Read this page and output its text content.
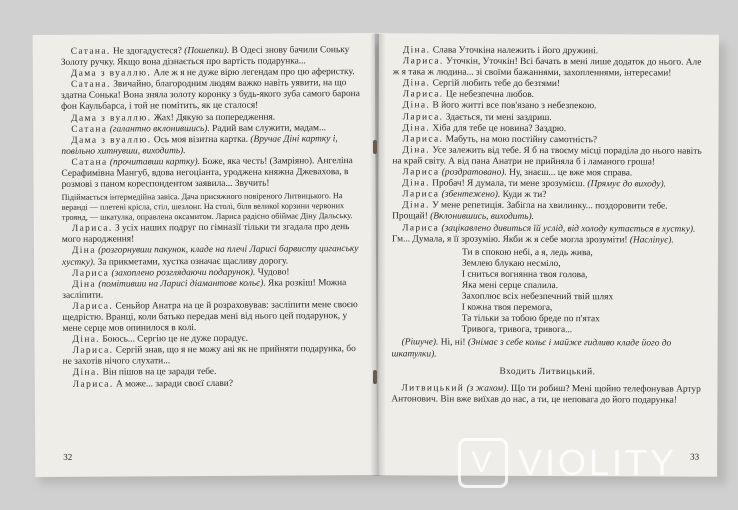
Сатана. Не здогадуєтеся? (Пошепки). В Одесі знову бачили Соньку Золоту ручку. Якщо вона дізнається про вартість подарунка...

Дама з вуаллю. Але ж я не дуже вірю легендам про цю аферистку.

Сатана. Звичайно, благородним людям важко навіть уявити, на що здатна Сонька! Вона зняла золоту коронку з будь-якого зуба самого барона фон Каульбарса, і той не помітить, як це сталося!

Дама з вуаллю. Жах! Дякую за попередження.

Сатана (галантно вклонившись). Радий вам служити, мадам...

Дама з вуаллю. Ось моя візитна картка. (Вручає Діні картку і, повільно хитнувши, виходить).

Сатана (прочитавши картку). Боже, яка честь! (Зaмріяно). Ангеліна Серафимівна Мангуб, вдова негоціанта, уроджена княжна Джеваxова, в розмові з паном кореспондентом заявила... Звучить!

Підіймається інтермедійна завіса. Дача присяжного повіреного Литвицького. На веранді — плетені крісла, стіл, шезлонг. На столі, біля великої корзини червоних троянд, — шкатулка, оправлена оксамитом. Лариса радісно обіймає Діну Дальську.

Лариса. З усіх наших подруг по гімназії тільки ти згадала про день мого народження!

Діна (розгорнувши пакунок, кладе на плечі Ларисі барвисту циганську хустку). За прикметами, хустка означає щасливу дорогу.

Лариса (захоплено розглядаючи подарунок). Чудово!

Діна (помітивши на Ларисі діамантове кольє). Яка розкіш! Можна засліпити.

Лариса. Сеньйор Анатра на це й розраховував: засліпити мене своєю щедрістю. Вранці, коли батько передав мені від нього цей подарунок, у мене серце мов опинилося в колі.

Діна. Боюсь... Сергію це не дуже порадує.

Лариса. Сергій знав, що я не можу ані як не прийняти подарунка, бо не захотів нічого слухати...

Діна. Він пішов на це заради тебе.

Лариса. А може... заради своєї слави?

32

Діна. Слава Уточкіна належить і його дружині.

Лариса. Уточкін, Уточкін! Всі бачать в мені лише додаток до нього. Але ж я така ж людина... зі своїми бажаннями, захопленнями, інтересами!

Діна. Сергій любить тебе до безтями!

Лариса. Це небезпечна любов.

Діна. В його житті все пов'язано з небезпекою.

Лариса. Здається, ти мені заздриш.

Діна. Хіба для тебе це новина? Заздрю.

Лариса. Мабуть, на мою постійну самотність?

Діна. Усе залежить від тебе. Я б на твоєму місці пораділа до нього навіть на край світу. А від пана Анатри не прийняла б і ламаного гроша!

Лариса (роздратовано). Ну, знаєш... це вже моя справа.

Діна. Пробач! Я думала, ти мене зрозумієш. (Прямує до виходу).

Лариса (збентежено). Куди ж ти?

Діна. У мене репетиція. Забігла на хвилинку... поздоровити тебе. Прощай! (Вклонившись, виходить).

Лариса (зацікавлено дивиться їй услід, від холоду кутається в хустку). Гм... Думала, я її зрозумію. Якби ж я себе могла зрозуміти! (Насліпує).

Ти в спокою небі, а я, ледь жива,
Землею блукаю несміло,
І сниться вогнянна твоя голова,
Яка мені серце спалила.
Захоплює всіх небезпечний твій шлях
І кожна твоя перемога,
Та тільки за тобою бреде по п'ятах
Тривога, тривога, тривога...

(Рішуче). Ні, ні! (Знімає з себе кольє і майже гидливо кладе його до шкатулки).

Входить Литвицький.

Литвицький (з жахом). Що ти робиш? Мені щойно телефонував Артур Антонович. Він вже виїхав до нас, а ти, це неповага до його подарунка!

33
V VIOLITY
